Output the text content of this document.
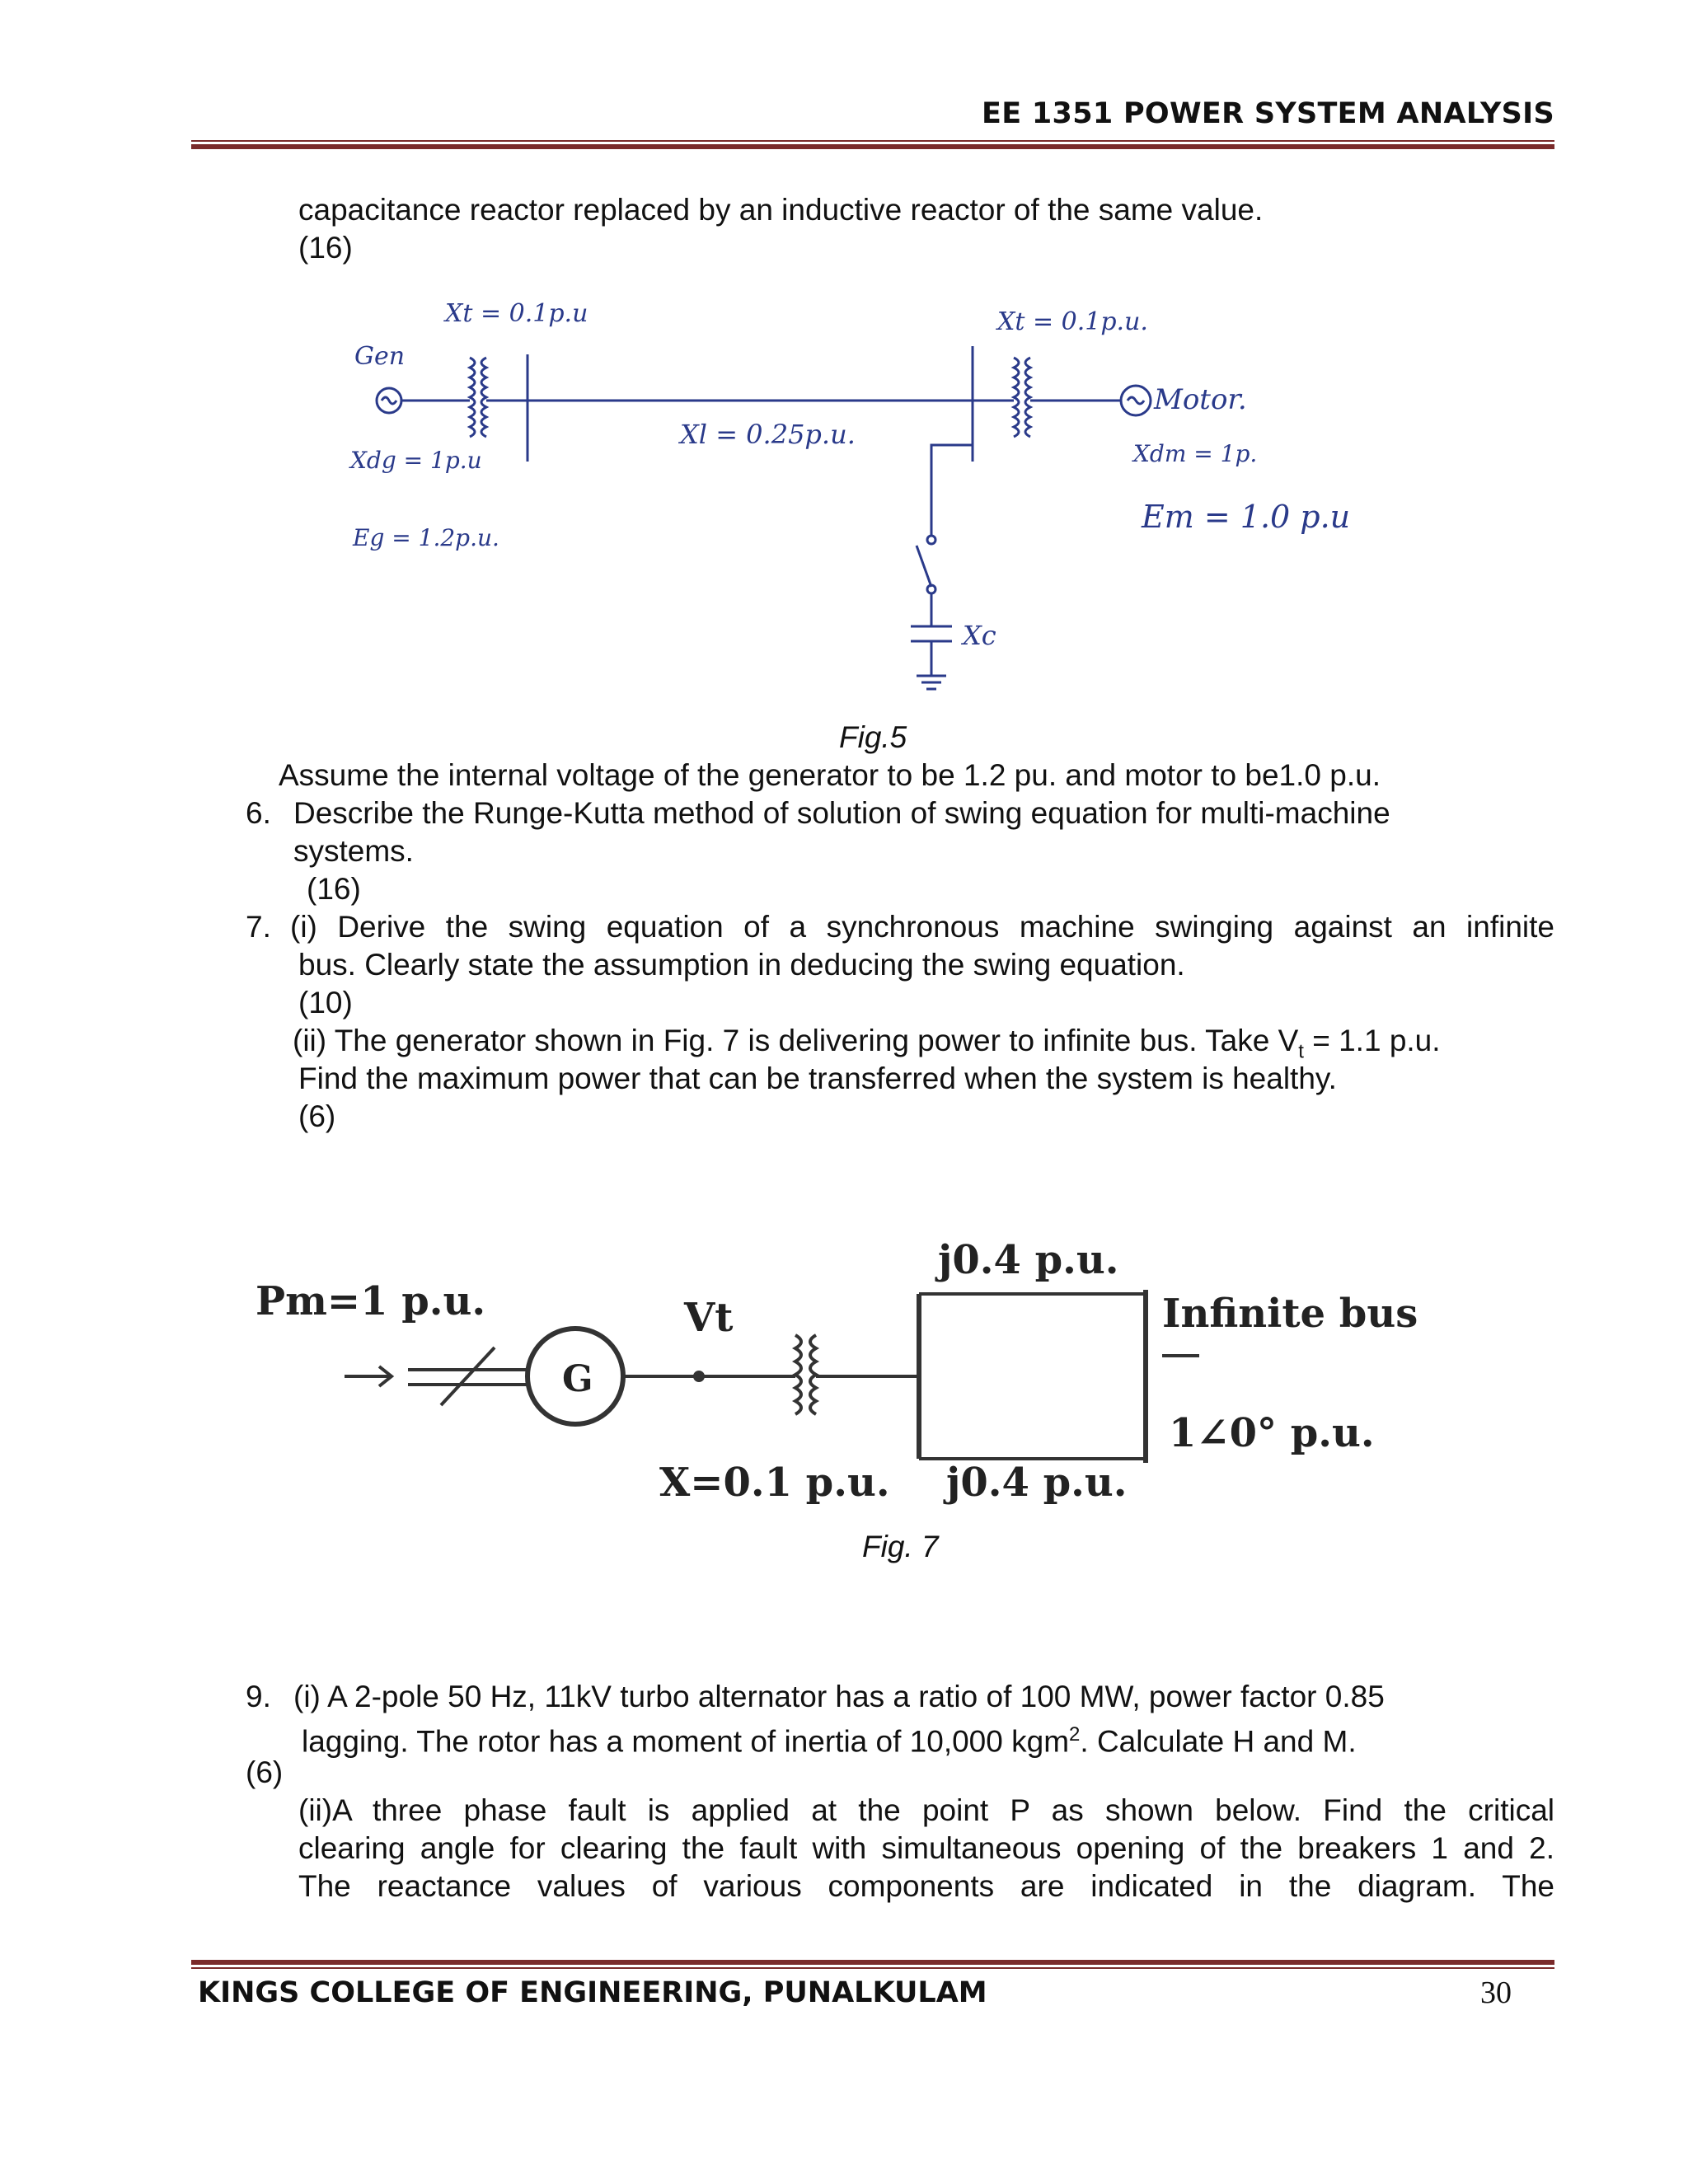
EE 1351 POWER SYSTEM ANALYSIS
capacitance reactor replaced by an inductive reactor of the same value.
(16)
Xt = 0.1p.u	Xt = 0.1p.u.
Gen
Xdg = 1p.u
Eg = 1.2p.u.
Xl = 0.25p.u.
Motor.
Xdm = 1p.
Em = 1.0 p.u
Xc
Fig.5
Assume the internal voltage of the generator to be 1.2 pu. and motor to be1.0 p.u.
6. Describe the Runge-Kutta method of solution of swing equation for multi-machine
systems.
(16)
7. (i) Derive the swing equation of a synchronous machine swinging against an infinite
bus. Clearly state the assumption in deducing the swing equation.
(10)
(ii) The generator shown in Fig. 7 is delivering power to infinite bus. Take $V_t = 1.1$ p.u.
Find the maximum power that can be transferred when the system is healthy.
(6)
Pm=1 p.u.
G
Vt
X=0.1 p.u.
j0.4 p.u.
j0.4 p.u.
Infinite bus
1∠0° p.u.
Fig. 7
9. (i) A 2-pole 50 Hz, 11kV turbo alternator has a ratio of 100 MW, power factor 0.85
lagging. The rotor has a moment of inertia of 10,000 kgm$^2$. Calculate H and M.
(6)
(ii)A three phase fault is applied at the point P as shown below. Find the critical
clearing angle for clearing the fault with simultaneous opening of the breakers 1 and 2.
The reactance values of various components are indicated in the diagram. The
KINGS COLLEGE OF ENGINEERING, PUNALKULAM	30
